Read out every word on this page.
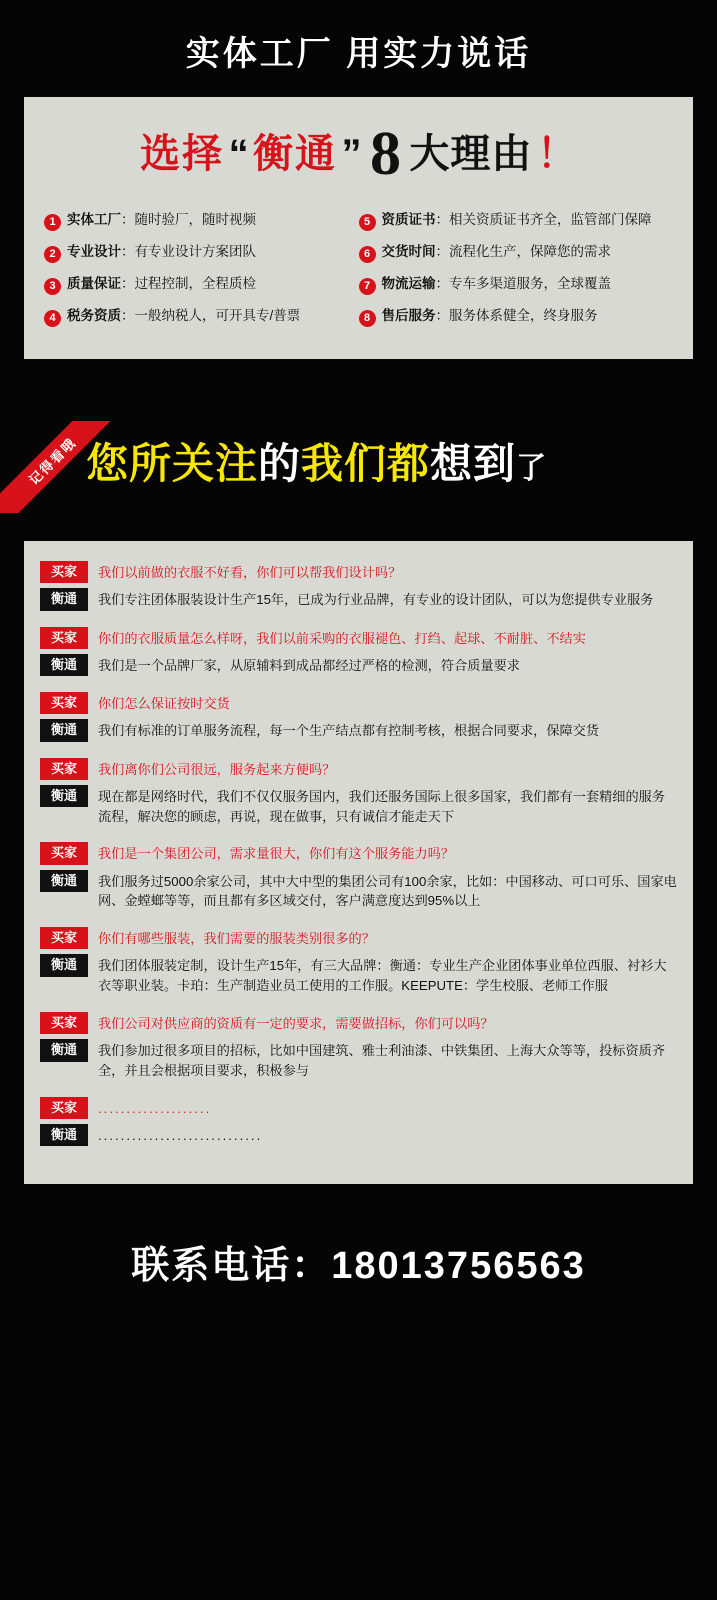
实体工厂 用实力说话
选择 “ 衡通 ” 8 大理由 ！
1 实体工厂：随时验厂，随时视频	5 资质证书：相关资质证书齐全，监管部门保障
2 专业设计：有专业设计方案团队	6 交货时间：流程化生产，保障您的需求
3 质量保证：过程控制，全程质检	7 物流运输：专车多渠道服务，全球覆盖
4 税务资质：一般纳税人，可开具专/普票	8 售后服务：服务体系健全，终身服务
记得看哦 您所关注的我们都想到了
买家	我们以前做的衣服不好看，你们可以帮我们设计吗？
衡通	我们专注团体服装设计生产15年，已成为行业品牌，有专业的设计团队，可以为您提供专业服务
买家	你们的衣服质量怎么样呀，我们以前采购的衣服褪色、打绉、起球、不耐脏、不结实
衡通	我们是一个品牌厂家，从原辅料到成品都经过严格的检测，符合质量要求
买家	你们怎么保证按时交货
衡通	我们有标准的订单服务流程，每一个生产结点都有控制考核，根据合同要求，保障交货
买家	我们离你们公司很远，服务起来方便吗？
衡通	现在都是网络时代，我们不仅仅服务国内，我们还服务国际上很多国家，我们都有一套精细的服务流程，解决您的顾虑，再说，现在做事，只有诚信才能走天下
买家	我们是一个集团公司，需求量很大，你们有这个服务能力吗？
衡通	我们服务过5000余家公司，其中大中型的集团公司有100余家，比如：中国移动、可口可乐、国家电网、金螳螂等等，而且都有多区域交付，客户满意度达到95%以上
买家	你们有哪些服装，我们需要的服装类别很多的？
衡通	我们团体服装定制，设计生产15年，有三大品牌：衡通：专业生产企业团体事业单位西服、衬衫大衣等职业装。卡珀：生产制造业员工使用的工作服。KEEPUTE：学生校服、老师工作服
买家	我们公司对供应商的资质有一定的要求，需要做招标，你们可以吗？
衡通	我们参加过很多项目的招标，比如中国建筑、雅士利油漆、中铁集团、上海大众等等，投标资质齐全，并且会根据项目要求，积极参与
买家	....................
衡通	.............................
联系电话：18013756563
